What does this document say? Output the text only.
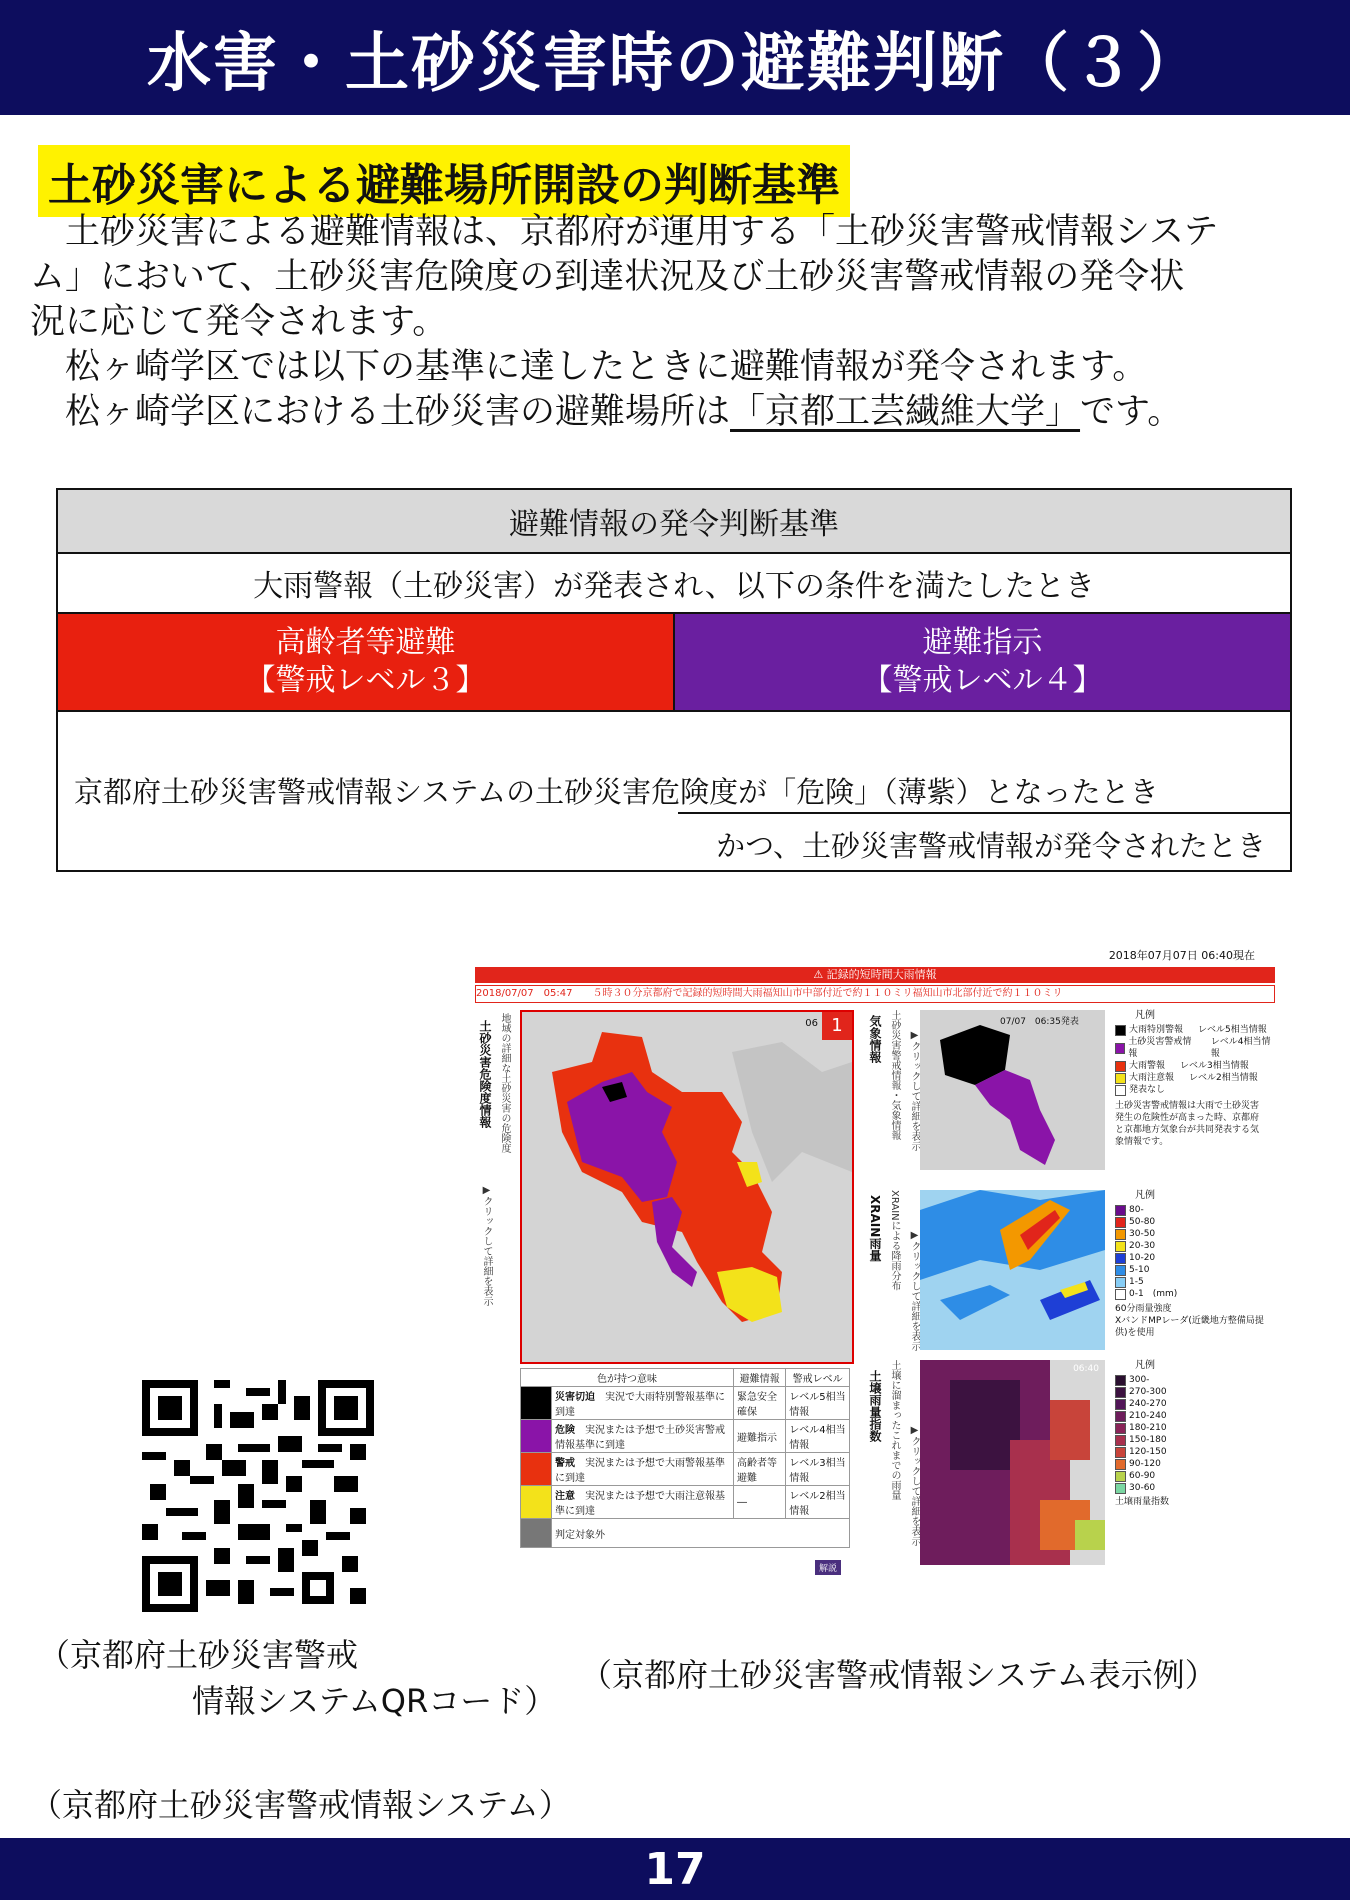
水害・土砂災害時の避難判断（３）
土砂災害による避難場所開設の判断基準

　土砂災害による避難情報は、京都府が運用する「土砂災害警戒情報システ

ム」において、土砂災害危険度の到達状況及び土砂災害警戒情報の発令状

況に応じて発令されます。

　松ヶ崎学区では以下の基準に達したときに避難情報が発令されます。

　松ヶ崎学区における土砂災害の避難場所は「京都工芸繊維大学」です。

避難情報の発令判断基準
大雨警報（土砂災害）が発表され、以下の条件を満たしたとき

高齢者等避難
【警戒レベル３】

避難指示
【警戒レベル４】

京都府土砂災害警戒情報システムの土砂災害危険度が「危険」（薄紫）となったとき
かつ、土砂災害警戒情報が発令されたとき
2018年07月07日 06:40現在
⚠ 記録的短時間大雨情報
2018/07/07　05:47　　５時３０分京都府で記録的短時間大雨福知山市中部付近で約１１０ミリ福知山市北部付近で約１１０ミリ
土砂災害危険度情報 地域の詳細な土砂災害の危険度
▶クリックして詳細を表示
06 1
色が持つ意味		避難情報	警戒レベル
	災害切迫　 実況で大雨特別警報基準に到達	緊急安全確保	レベル5相当情報
	危険　 実況または予想で土砂災害警戒情報基準に到達	避難指示	レベル4相当情報
	警戒　 実況または予想で大雨警報基準に到達	高齢者等避難	レベル3相当情報
	注意　 実況または予想で大雨注意報基準に到達	―	レベル2相当情報
	判定対象外		
解説
気象情報 土砂災害警戒情報・気象情報 ▶クリックして詳細を表示
07/07　06:35発表
凡例
大雨特別警報
　 レベル5相当情報
土砂災害警戒情報

レベル4相当情報
大雨警報
　 レベル3相当情報
大雨注意報
　 レベル2相当情報
発表なし
土砂災害警戒情報は大雨で土砂災害発生の危険性が高まった時、京都府と京都地方気象台が共同発表する気象情報です。
XRAIN雨量 XRAINによる降雨分布 ▶クリックして詳細を表示
凡例
80-
50-80
30-50
20-30
10-20
5-10
1-5
0-1　(mm)
60分雨量強度
XバンドMPレーダ(近畿地方整備局提供)を使用
土壌雨量指数 土壌に溜まったこれまでの雨量 ▶クリックして詳細を表示
06:40	凡例
300-
270-300
240-270
210-240
180-210
150-180
120-150
90-120
60-90
30-60
土壌雨量指数
（京都府土砂災害警戒
情報システムQRコード）
（京都府土砂災害警戒情報システム表示例）
（京都府土砂災害警戒情報システム）
17
